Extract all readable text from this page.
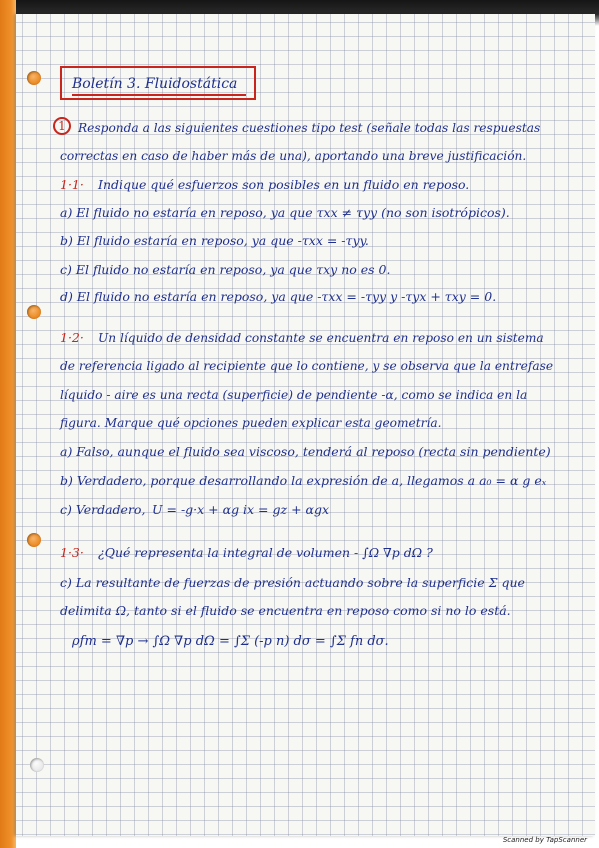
Boletín 3. Fluidostática
1 Responda a las siguientes cuestiones tipo test (señale todas las respuestas
correctas en caso de haber más de una), aportando una breve justificación.
1·1· Indique qué esfuerzos son posibles en un fluido en reposo.
a) El fluido no estaría en reposo, ya que τxx ≠ τyy (no son isotrópicos).
b) El fluido estaría en reposo, ya que -τxx = -τyy.
c) El fluido no estaría en reposo, ya que τxy no es 0.
d) El fluido no estaría en reposo, ya que -τxx = -τyy y -τyx + τxy = 0.
1·2· Un líquido de densidad constante se encuentra en reposo en un sistema
de referencia ligado al recipiente que lo contiene, y se observa que la entrefase
líquido - aire es una recta (superficie) de pendiente -α, como se indica en la
figura. Marque qué opciones pueden explicar esta geometría.
a) Falso, aunque el fluido sea viscoso, tenderá al reposo (recta sin pendiente)
b) Verdadero, porque desarrollando la expresión de a, llegamos a a₀ = α g eₓ
c) Verdadero, U = -g·x + αg ix = gz + αgx
1·3· ¿Qué representa la integral de volumen - ∫Ω ∇p dΩ ?
c) La resultante de fuerzas de presión actuando sobre la superficie Σ que
delimita Ω, tanto si el fluido se encuentra en reposo como si no lo está.
ρfm = ∇p → ∫Ω ∇p dΩ = ∫Σ (-p n) dσ = ∫Σ fn dσ.
Scanned by TapScanner
